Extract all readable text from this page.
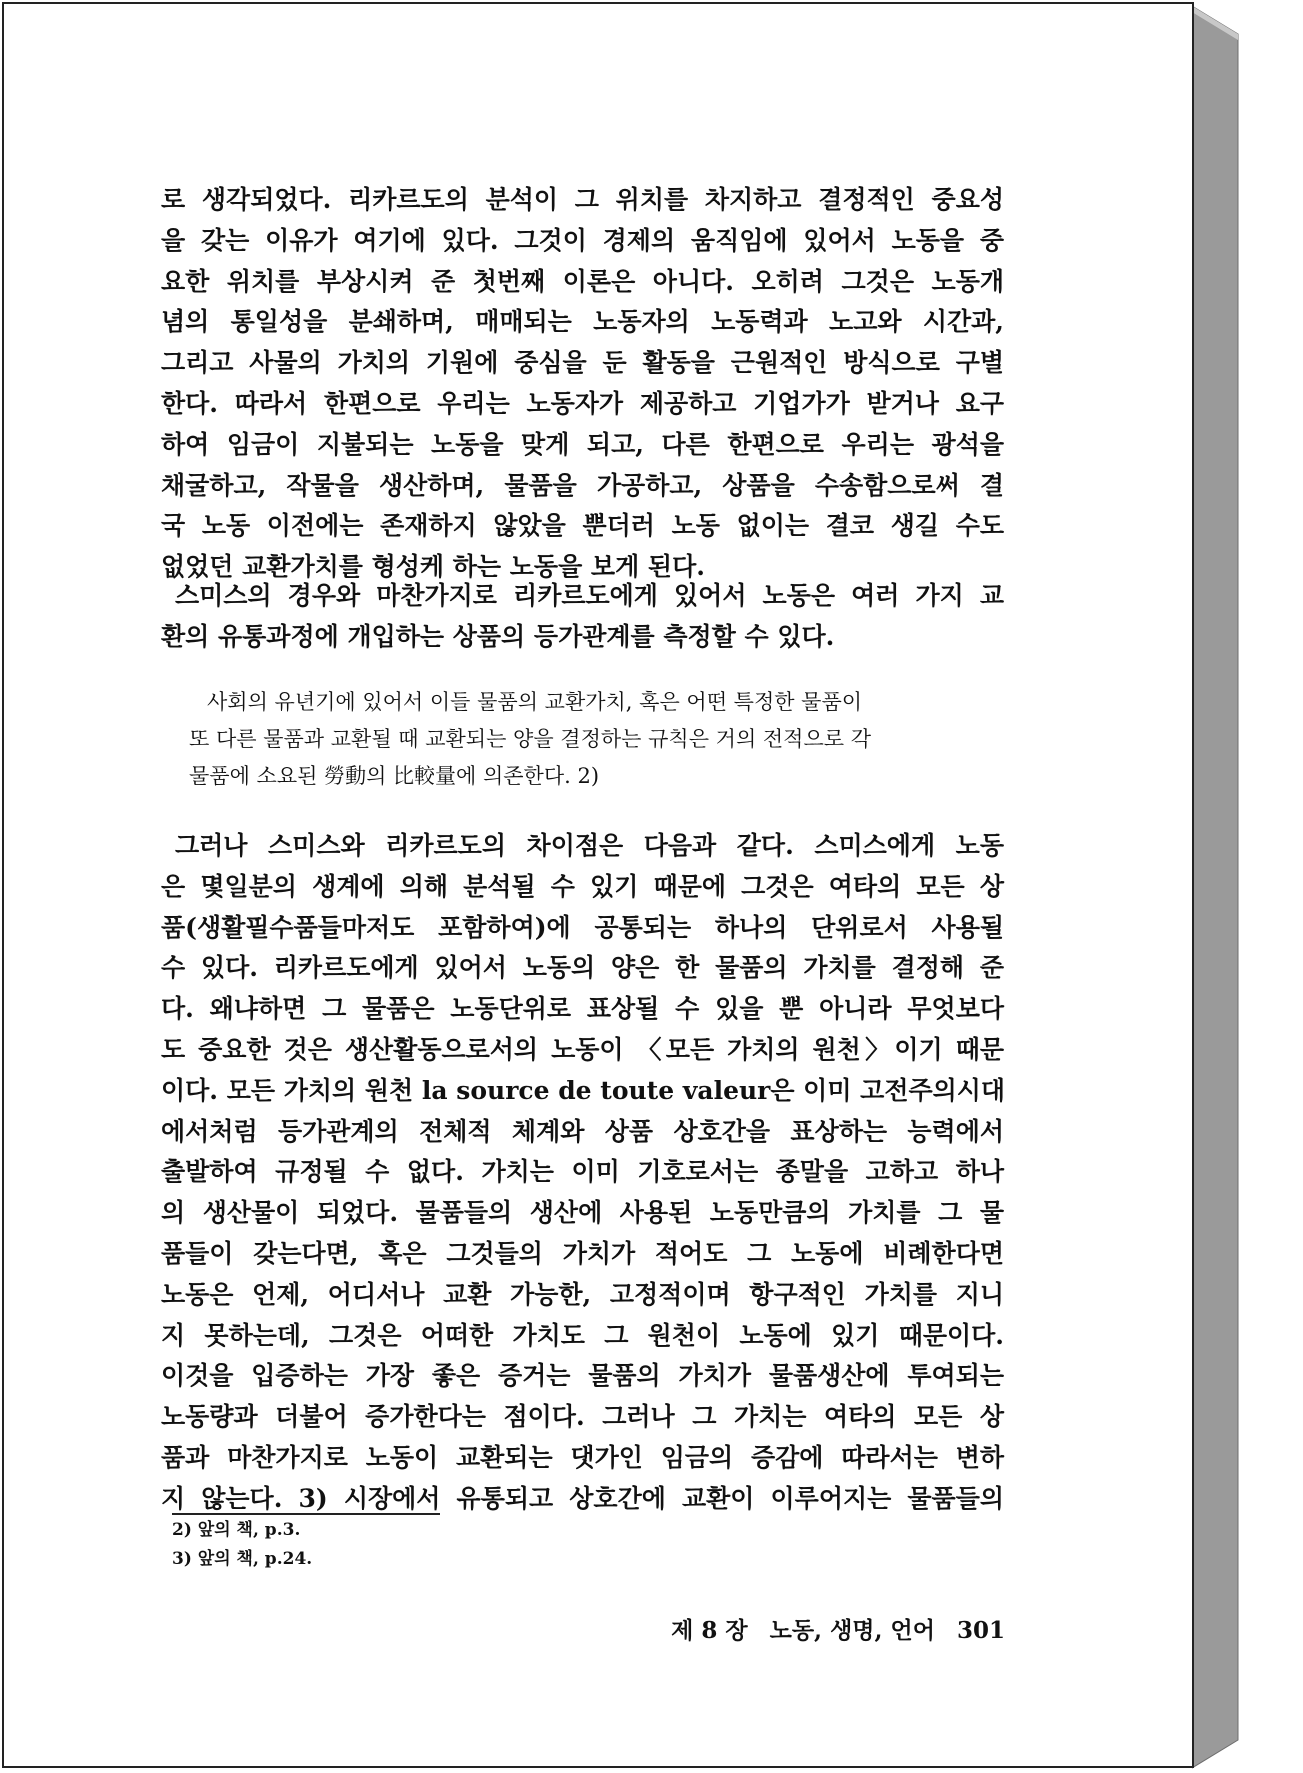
로 생각되었다. 리카르도의 분석이 그 위치를 차지하고 결정적인 중요성
을 갖는 이유가 여기에 있다. 그것이 경제의 움직임에 있어서 노동을 중
요한 위치를 부상시켜 준 첫번째 이론은 아니다. 오히려 그것은 노동개
념의 통일성을 분쇄하며, 매매되는 노동자의 노동력과 노고와 시간과,
그리고 사물의 가치의 기원에 중심을 둔 활동을 근원적인 방식으로 구별
한다. 따라서 한편으로 우리는 노동자가 제공하고 기업가가 받거나 요구
하여 임금이 지불되는 노동을 맞게 되고, 다른 한편으로 우리는 광석을
채굴하고, 작물을 생산하며, 물품을 가공하고, 상품을 수송함으로써 결
국 노동 이전에는 존재하지 않았을 뿐더러 노동 없이는 결코 생길 수도
없었던 교환가치를 형성케 하는 노동을 보게 된다.

스미스의 경우와 마찬가지로 리카르도에게 있어서 노동은 여러 가지 교
환의 유통과정에 개입하는 상품의 등가관계를 측정할 수 있다.

사회의 유년기에 있어서 이들 물품의 교환가치, 혹은 어떤 특정한 물품이
또 다른 물품과 교환될 때 교환되는 양을 결정하는 규칙은 거의 전적으로 각
물품에 소요된 勞動의 比較量에 의존한다. 2)

그러나 스미스와 리카르도의 차이점은 다음과 같다. 스미스에게 노동
은 몇일분의 생계에 의해 분석될 수 있기 때문에 그것은 여타의 모든 상
품(생활필수품들마저도 포함하여)에 공통되는 하나의 단위로서 사용될
수 있다. 리카르도에게 있어서 노동의 양은 한 물품의 가치를 결정해 준
다. 왜냐하면 그 물품은 노동단위로 표상될 수 있을 뿐 아니라 무엇보다
도 중요한 것은 생산활동으로서의 노동이 〈모든 가치의 원천〉이기 때문
이다. 모든 가치의 원천 la source de toute valeur은 이미 고전주의시대
에서처럼 등가관계의 전체적 체계와 상품 상호간을 표상하는 능력에서
출발하여 규정될 수 없다. 가치는 이미 기호로서는 종말을 고하고 하나
의 생산물이 되었다. 물품들의 생산에 사용된 노동만큼의 가치를 그 물
품들이 갖는다면, 혹은 그것들의 가치가 적어도 그 노동에 비례한다면
노동은 언제, 어디서나 교환 가능한, 고정적이며 항구적인 가치를 지니
지 못하는데, 그것은 어떠한 가치도 그 원천이 노동에 있기 때문이다.
이것을 입증하는 가장 좋은 증거는 물품의 가치가 물품생산에 투여되는
노동량과 더불어 증가한다는 점이다. 그러나 그 가치는 여타의 모든 상
품과 마찬가지로 노동이 교환되는 댓가인 임금의 증감에 따라서는 변하
지 않는다. 3) 시장에서 유통되고 상호간에 교환이 이루어지는 물품들의

2) 앞의 책, p.3.
3) 앞의 책, p.24.
제 8 장 노동, 생명, 언어 301
